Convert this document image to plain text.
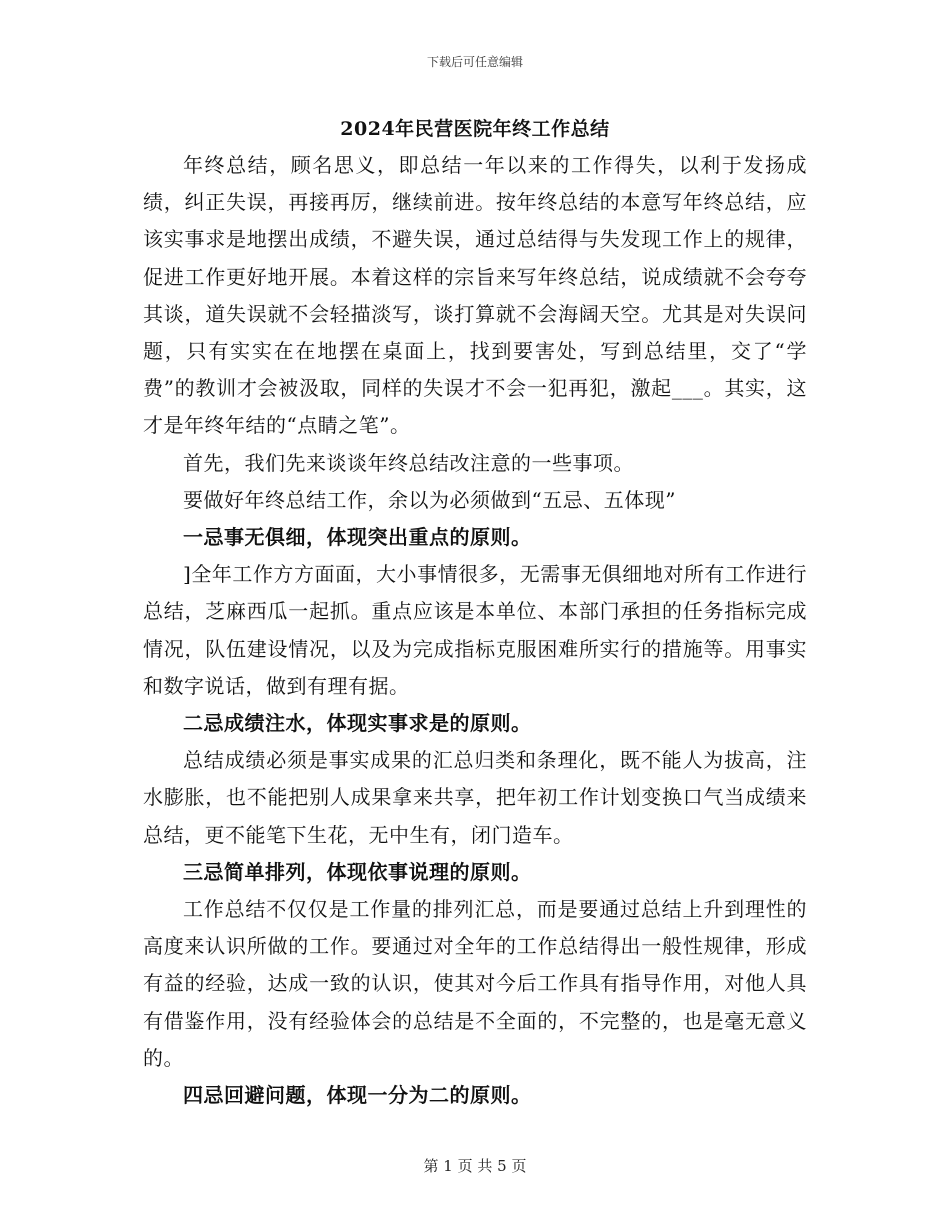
下载后可任意编辑
2024年民营医院年终工作总结

年终总结，顾名思义，即总结一年以来的工作得失，以利于发扬成绩，纠正失误，再接再厉，继续前进。按年终总结的本意写年终总结，应该实事求是地摆出成绩，不避失误，通过总结得与失发现工作上的规律，促进工作更好地开展。本着这样的宗旨来写年终总结，说成绩就不会夸夸其谈，道失误就不会轻描淡写，谈打算就不会海阔天空。尤其是对失误问题，只有实实在在地摆在桌面上，找到要害处，写到总结里，交了“学费”的教训才会被汲取，同样的失误才不会一犯再犯，激起___。其实，这才是年终年结的“点睛之笔”。

首先，我们先来谈谈年终总结改注意的一些事项。

要做好年终总结工作，余以为必须做到“五忌、五体现”

一忌事无俱细，体现突出重点的原则。

]全年工作方方面面，大小事情很多，无需事无俱细地对所有工作进行总结，芝麻西瓜一起抓。重点应该是本单位、本部门承担的任务指标完成情况，队伍建设情况，以及为完成指标克服困难所实行的措施等。用事实和数字说话，做到有理有据。

二忌成绩注水，体现实事求是的原则。

总结成绩必须是事实成果的汇总归类和条理化，既不能人为拔高，注水膨胀，也不能把别人成果拿来共享，把年初工作计划变换口气当成绩来总结，更不能笔下生花，无中生有，闭门造车。

三忌简单排列，体现依事说理的原则。

工作总结不仅仅是工作量的排列汇总，而是要通过总结上升到理性的高度来认识所做的工作。要通过对全年的工作总结得出一般性规律，形成有益的经验，达成一致的认识，使其对今后工作具有指导作用，对他人具有借鉴作用，没有经验体会的总结是不全面的，不完整的，也是毫无意义的。

四忌回避问题，体现一分为二的原则。

第 1 页 共 5 页
